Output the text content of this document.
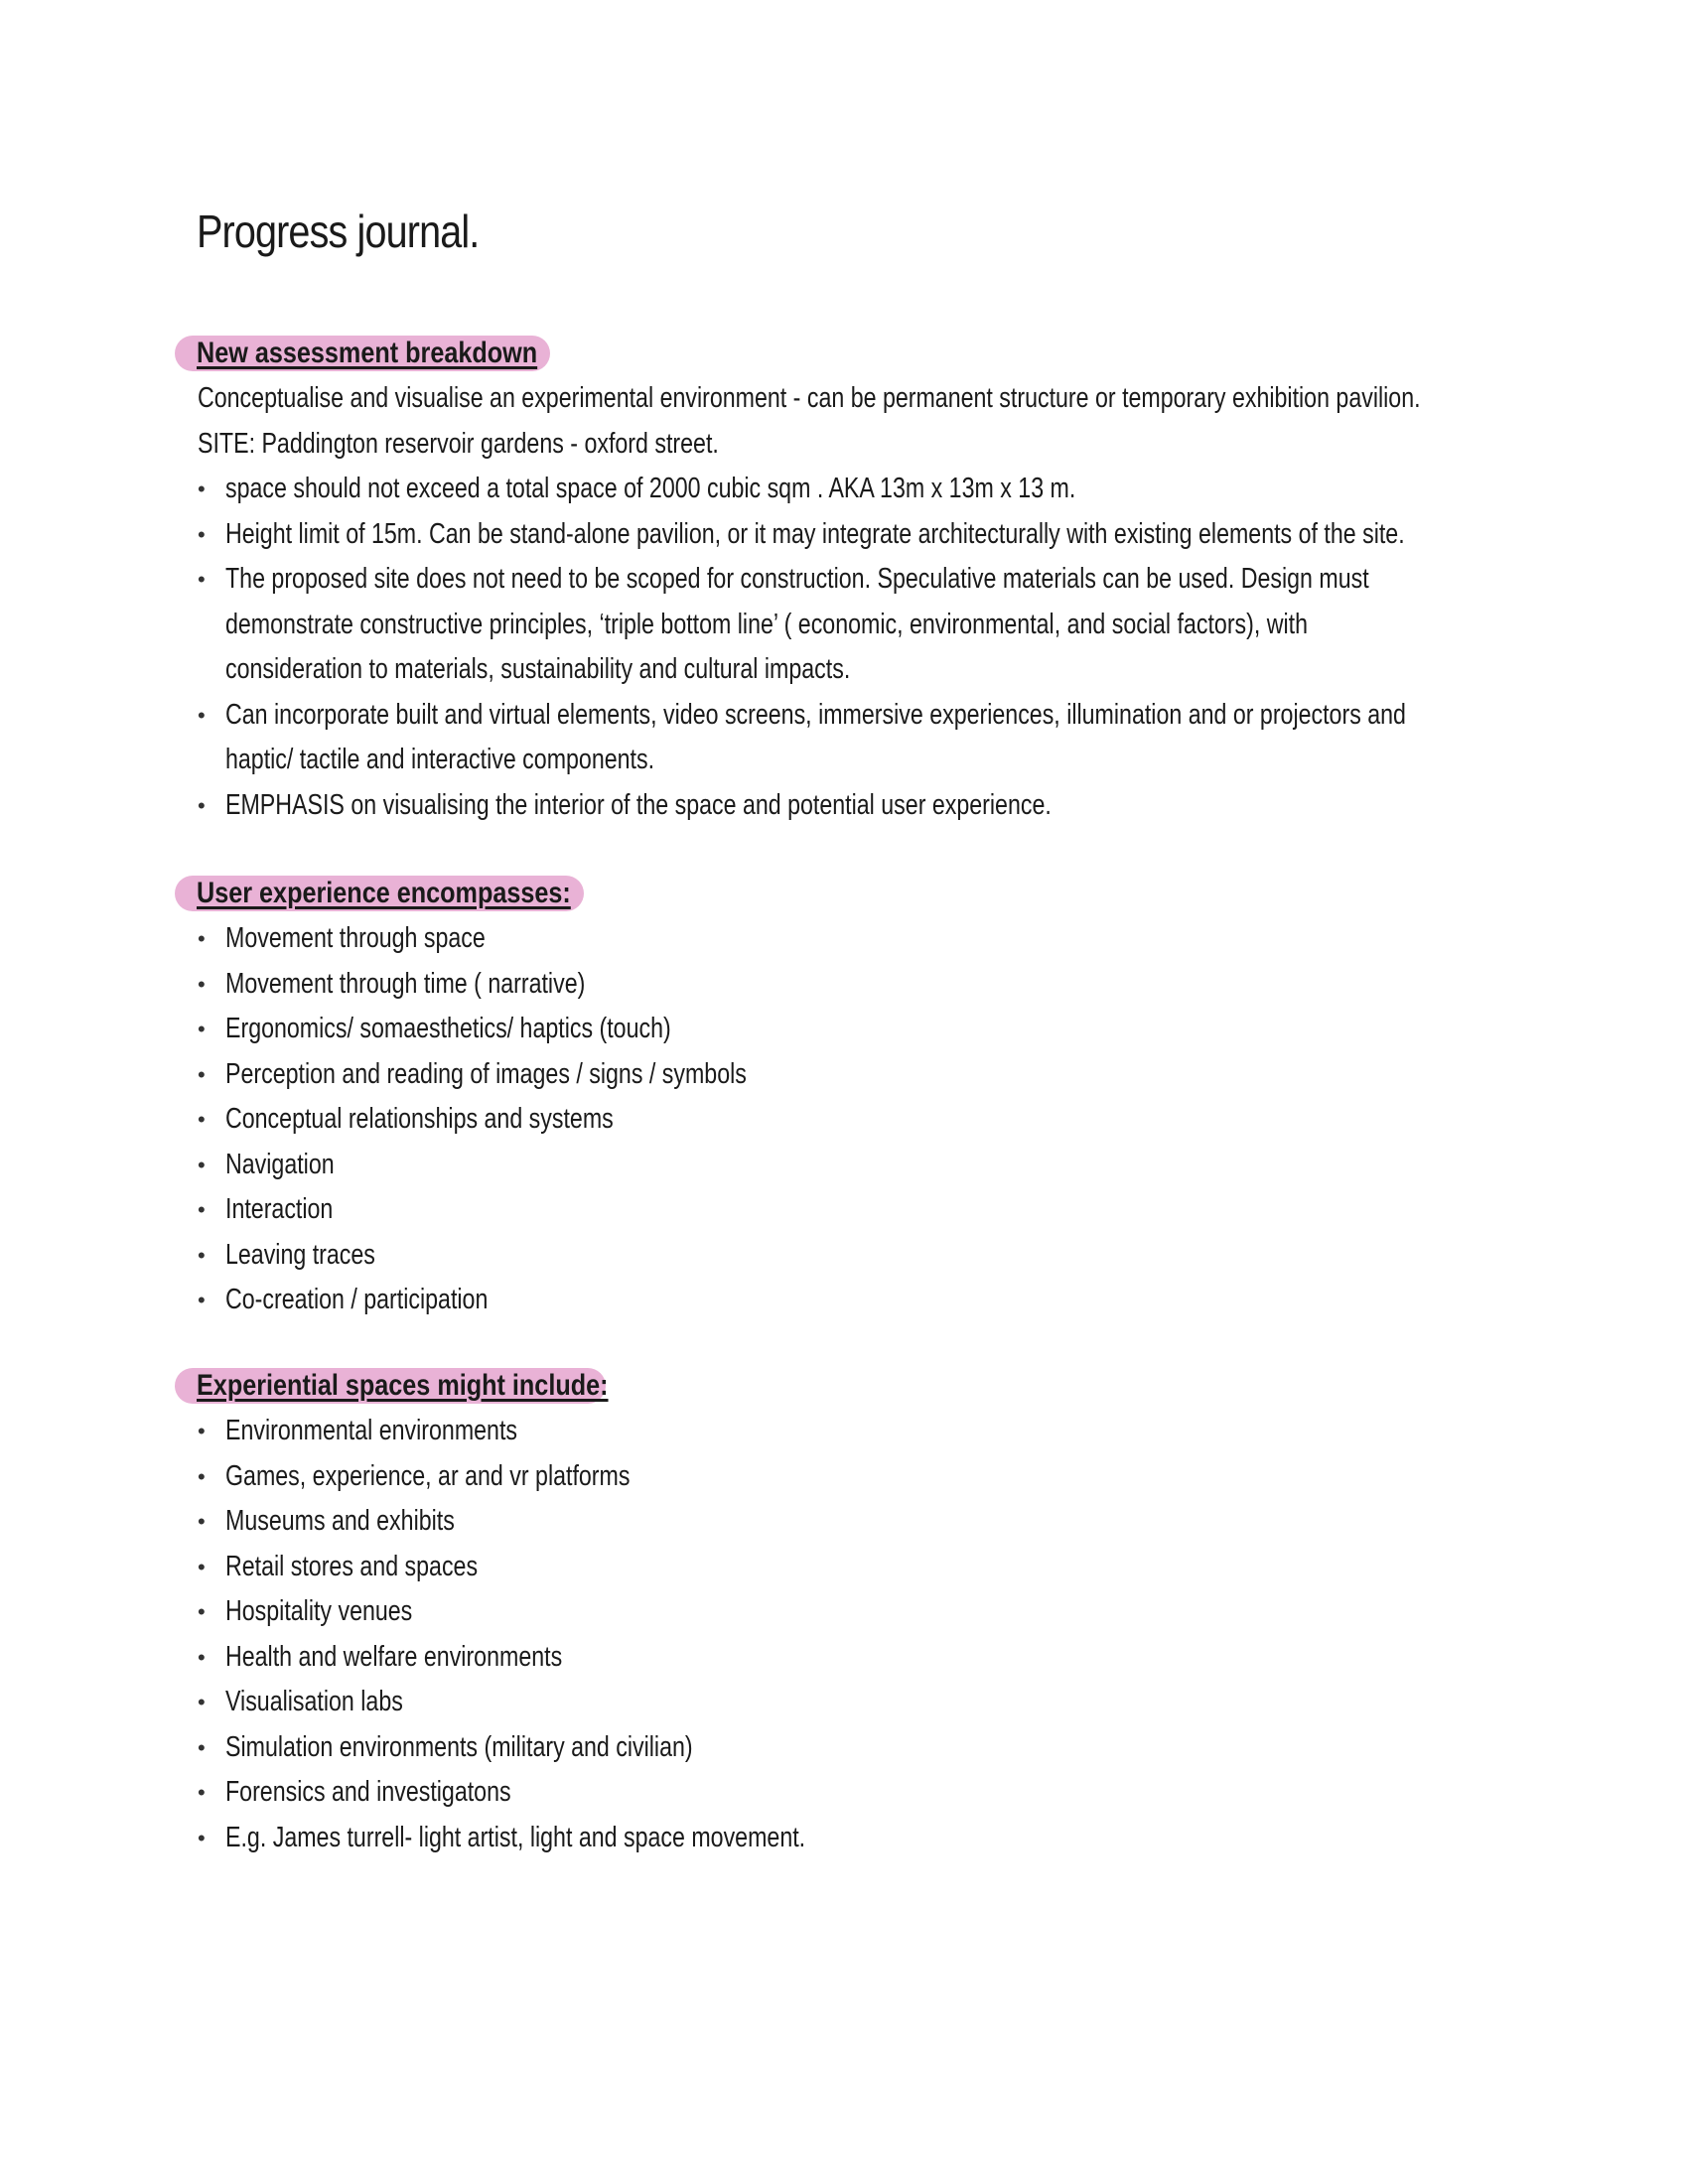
Progress journal.
New assessment breakdown
Conceptualise and visualise an experimental environment - can be permanent structure or temporary exhibition pavilion.
SITE: Paddington reservoir gardens - oxford street.
• space should not exceed a total space of 2000 cubic sqm . AKA 13m x 13m x 13 m.
• Height limit of 15m. Can be stand-alone pavilion, or it may integrate architecturally with existing elements of the site.
• The proposed site does not need to be scoped for construction. Speculative materials can be used. Design must
demonstrate constructive principles, ‘triple bottom line’ ( economic, environmental, and social factors), with
consideration to materials, sustainability and cultural impacts.
• Can incorporate built and virtual elements, video screens, immersive experiences, illumination and or projectors and
haptic/ tactile and interactive components.
• EMPHASIS on visualising the interior of the space and potential user experience.
User experience encompasses:
• Movement through space
• Movement through time ( narrative)
• Ergonomics/ somaesthetics/ haptics (touch)
• Perception and reading of images / signs / symbols
• Conceptual relationships and systems
• Navigation
• Interaction
• Leaving traces
• Co-creation / participation
Experiential spaces might include:
• Environmental environments
• Games, experience, ar and vr platforms
• Museums and exhibits
• Retail stores and spaces
• Hospitality venues
• Health and welfare environments
• Visualisation labs
• Simulation environments (military and civilian)
• Forensics and investigatons
• E.g. James turrell- light artist, light and space movement.
